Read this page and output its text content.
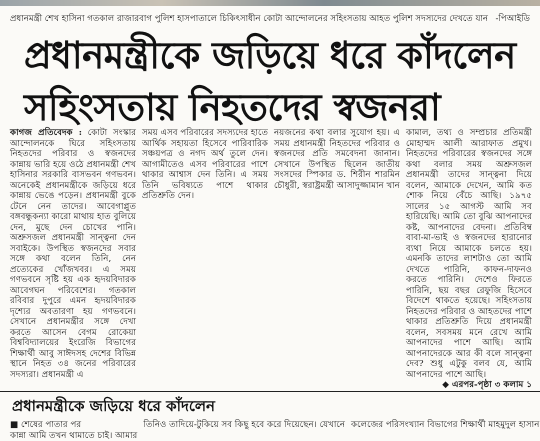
প্রধানমন্ত্রী শেখ হাসিনা গতকাল রাজারবাগ পুলিশ হাসপাতালে চিকিৎসাধীন কোটা আন্দোলনের সহিংসতায় আহত পুলিশ সদস্যদের দেখতে যান -পিআইডি
প্রধানমন্ত্রীকে জড়িয়ে ধরে কাঁদলেন
সহিংসতায় নিহতদের স্বজনরা

কাগজ প্রতিবেদক : কোটা সংস্কার আন্দোলনকে ঘিরে সহিংসতায় নিহতদের পরিবার ও স্বজনদের কান্নায় ভারি হয়ে ওঠে প্রধানমন্ত্রী শেখ হাসিনার সরকারি বাসভবন গণভবন। অনেকেই প্রধানমন্ত্রীকে জড়িয়ে ধরে কান্নায় ভেঙে পড়েন। প্রধানমন্ত্রী বুকে টেনে নেন তাদের। আবেগাপ্লুত বঙ্গবন্ধুকন্যা কারো মাথায় হাত বুলিয়ে দেন, মুছে দেন চোখের পানি। অশ্রুসজল প্রধানমন্ত্রী সান্ত্বনা দেন সবাইকে। উপস্থিত স্বজনদের সবার সঙ্গে কথা বলেন তিনি, নেন প্রত্যেকের খোঁজখবর। এ সময় গণভবনে সৃষ্টি হয় এক হৃদয়বিদারক আবেগঘন পরিবেশের। গতকাল রবিবার দুপুরে এমন হৃদয়বিদারক দৃশ্যের অবতারণা হয় গণভবনে। সেখানে প্রধানমন্ত্রীর সঙ্গে দেখা করতে আসেন বেগম রোকেয়া বিশ্ববিদ্যালয়ের ইংরেজি বিভাগের শিক্ষার্থী আবু সাঈদসহ দেশের বিভিন্ন স্থানে নিহত ৩৪ জনের পরিবারের সদস্যরা। প্রধানমন্ত্রী এ

সময় এসব পরিবারের সদস্যদের হাতে আর্থিক সহায়তা হিসেবে পারিবারিক সঞ্চয়পত্র ও নগদ অর্থ তুলে দেন। আগামীতেও এসব পরিবারের পাশে থাকার আশ্বাস দেন তিনি। এ সময় তিনি ভবিষ্যতে পাশে থাকার প্রতিশ্রুতি দেন।

নয়জনের কথা বলার সুযোগ হয়। এ সময় প্রধানমন্ত্রী নিহতদের পরিবার ও স্বজনদের প্রতি সমবেদনা জানান। সেখানে উপস্থিত ছিলেন জাতীয় সংসদের স্পিকার ড. শিরীন শারমিন চৌধুরী, স্বরাষ্ট্রমন্ত্রী আসাদুজ্জামান খান

কামাল, তথ্য ও সম্প্রচার প্রতিমন্ত্রী মোহাম্মদ আলী আরাফাত প্রমুখ। নিহতদের পরিবারের স্বজনদের সঙ্গে কথা বলার সময় অশ্রুসজল প্রধানমন্ত্রী তাদের সান্ত্বনা দিয়ে বলেন, আমাকে দেখেন, আমি কত শোক নিয়ে বেঁচে আছি। ১৯৭৫ সালের ১৫ আগস্ট আমি সব হারিয়েছি। আমি তো বুঝি আপনাদের কষ্ট, আপনাদের বেদনা। প্রতিবিম্ব বাবা-মা-ভাই ও স্বজনদের হারানোর ব্যথা নিয়ে আমাকে চলতে হয়। এমনকি তাদের লাশটাও তো আমি দেখতে পারিনি, কাফন-দাফনও করতে পারিনি। দেশেও ফিরতে পারিনি, ছয় বছর রেফুজি হিসেবে বিদেশে থাকতে হয়েছে। সহিংসতায় নিহতদের পরিবার ও আহতদের পাশে থাকার প্রতিশ্রুতি দিয়ে প্রধানমন্ত্রী বলেন, সবসময় মনে রেখে আমি আপনাদের পাশে আছি। আমি আপনাদেরকে আর কী বলে সান্ত্বনা দেব? শুধু এটুকু বলব যে, আমি আপনাদের পাশে আছি।

◆ এরপর-পৃষ্ঠা ৩ কলাম ১

প্রধানমন্ত্রীকে জড়িয়ে ধরে কাঁদলেন
■ শেষের পাতার পর
কান্না আমি তখন থামাতে চাই। আমার
তিনিও তাদিয়ে-টুকিয়ে সব কিছু হবে করে দিয়েছেন। যেখানে কলেজের পরিসংখ্যান বিভাগের শিক্ষার্থী মাহমুদুল হাসান
